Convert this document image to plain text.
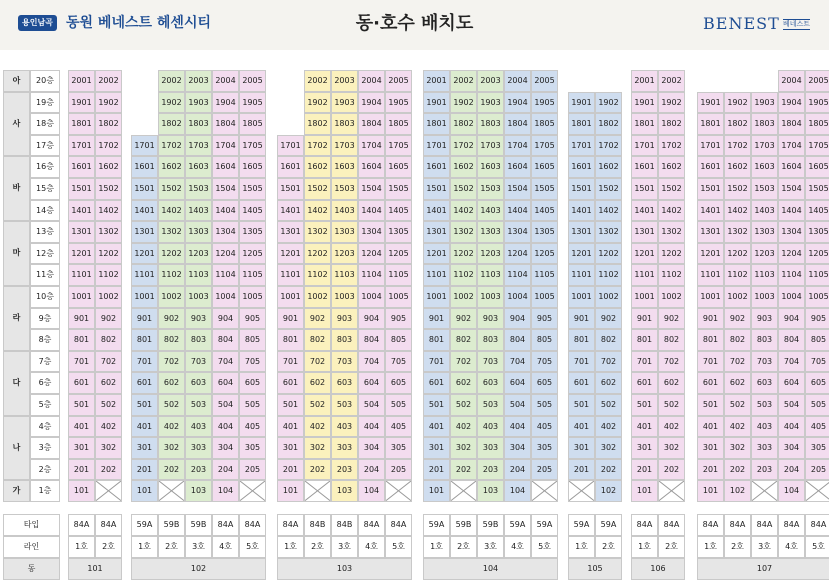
용인남곡 동원 베네스트 헤센시티	동·호수 배치도	BENEST 베네스트
아
사
바
마
라
다
나
가
20층
19층
18층
17층
16층
15층
14층
13층
12층
11층
10층
9층
8층
7층
6층
5층
4층
3층
2층
1층
타입
라인
동
2001
1901
1801
1701
1601
1501
1401
1301
1201
1101
1001
901
801
701
601
501
401
301
201
101
84A
1호
2002
1902
1802
1702
1602
1502
1402
1302
1202
1102
1002
902
802
702
602
502
402
302
202
84A
2호
101
1701
1601
1501
1401
1301
1201
1101
1001
901
801
701
601
501
401
301
201
101
59A
1호
2002
1902
1802
1702
1602
1502
1402
1302
1202
1102
1002
902
802
702
602
502
402
302
202
59B
2호
2003
1903
1803
1703
1603
1503
1403
1303
1203
1103
1003
903
803
703
603
503
403
303
203
103
59B
3호
2004
1904
1804
1704
1604
1504
1404
1304
1204
1104
1004
904
804
704
604
504
404
304
204
104
84A
4호
2005
1905
1805
1705
1605
1505
1405
1305
1205
1105
1005
905
805
705
605
505
405
305
205
84A
5호
102
1701
1601
1501
1401
1301
1201
1101
1001
901
801
701
601
501
401
301
201
101
84A
1호
2002
1902
1802
1702
1602
1502
1402
1302
1202
1102
1002
902
802
702
602
502
402
302
202
84B
2호
2003
1903
1803
1703
1603
1503
1403
1303
1203
1103
1003
903
803
703
603
503
403
303
203
103
84B
3호
2004
1904
1804
1704
1604
1504
1404
1304
1204
1104
1004
904
804
704
604
504
404
304
204
104
84A
4호
2005
1905
1805
1705
1605
1505
1405
1305
1205
1105
1005
905
805
705
605
505
405
305
205
84A
5호
103
2001
1901
1801
1701
1601
1501
1401
1301
1201
1101
1001
901
801
701
601
501
401
301
201
101
59A
1호
2002
1902
1802
1702
1602
1502
1402
1302
1202
1102
1002
902
802
702
602
502
402
302
202
59B
2호
2003
1903
1803
1703
1603
1503
1403
1303
1203
1103
1003
903
803
703
603
503
403
303
203
103
59B
3호
2004
1904
1804
1704
1604
1504
1404
1304
1204
1104
1004
904
804
704
604
504
404
304
204
104
59A
4호
2005
1905
1805
1705
1605
1505
1405
1305
1205
1105
1005
905
805
705
605
505
405
305
205
59A
5호
104
1901
1801
1701
1601
1501
1401
1301
1201
1101
1001
901
801
701
601
501
401
301
201
59A
1호
1902
1802
1702
1602
1502
1402
1302
1202
1102
1002
902
802
702
602
502
402
302
202
102
59A
2호
105
2001
1901
1801
1701
1601
1501
1401
1301
1201
1101
1001
901
801
701
601
501
401
301
201
101
84A
1호
2002
1902
1802
1702
1602
1502
1402
1302
1202
1102
1002
902
802
702
602
502
402
302
202
84A
2호
106
1901
1801
1701
1601
1501
1401
1301
1201
1101
1001
901
801
701
601
501
401
301
201
101
84A
1호
1902
1802
1702
1602
1502
1402
1302
1202
1102
1002
902
802
702
602
502
402
302
202
102
84A
2호
1903
1803
1703
1603
1503
1403
1303
1203
1103
1003
903
803
703
603
503
403
303
203
84A
3호
2004
1904
1804
1704
1604
1504
1404
1304
1204
1104
1004
904
804
704
604
504
404
304
204
104
84A
4호
2005
1905
1805
1705
1605
1505
1405
1305
1205
1105
1005
905
805
705
605
505
405
305
205
84A
5호
107
